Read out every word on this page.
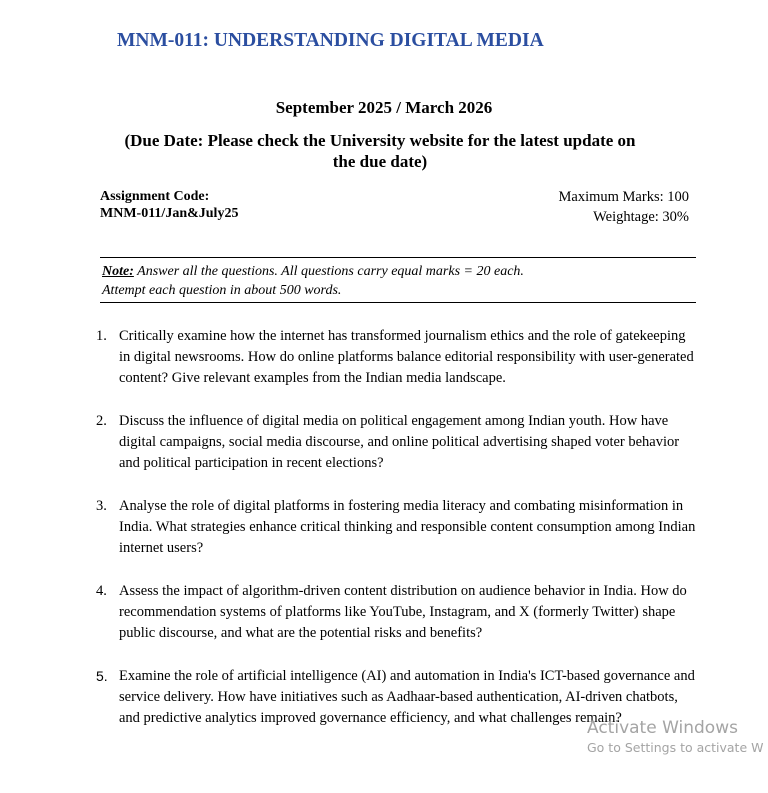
MNM-011: UNDERSTANDING DIGITAL MEDIA
September 2025 / March 2026
(Due Date: Please check the University website for the latest update on
the due date)
Assignment Code:
MNM-011/Jan&July25
Maximum Marks: 100
Weightage: 30%
Note: Answer all the questions. All questions carry equal marks = 20 each. Attempt each question in about 500 words.
1. Critically examine how the internet has transformed journalism ethics and the role of gatekeeping in digital newsrooms. How do online platforms balance editorial responsibility with user-generated content? Give relevant examples from the Indian media landscape.
2. Discuss the influence of digital media on political engagement among Indian youth. How have digital campaigns, social media discourse, and online political advertising shaped voter behavior and political participation in recent elections?
3. Analyse the role of digital platforms in fostering media literacy and combating misinformation in India. What strategies enhance critical thinking and responsible content consumption among Indian internet users?
4. Assess the impact of algorithm-driven content distribution on audience behavior in India. How do recommendation systems of platforms like YouTube, Instagram, and X (formerly Twitter) shape public discourse, and what are the potential risks and benefits?
5. Examine the role of artificial intelligence (AI) and automation in India's ICT-based governance and service delivery. How have initiatives such as Aadhaar-based authentication, AI-driven chatbots, and predictive analytics improved governance efficiency, and what challenges remain?
Activate Windows
Go to Settings to activate W
